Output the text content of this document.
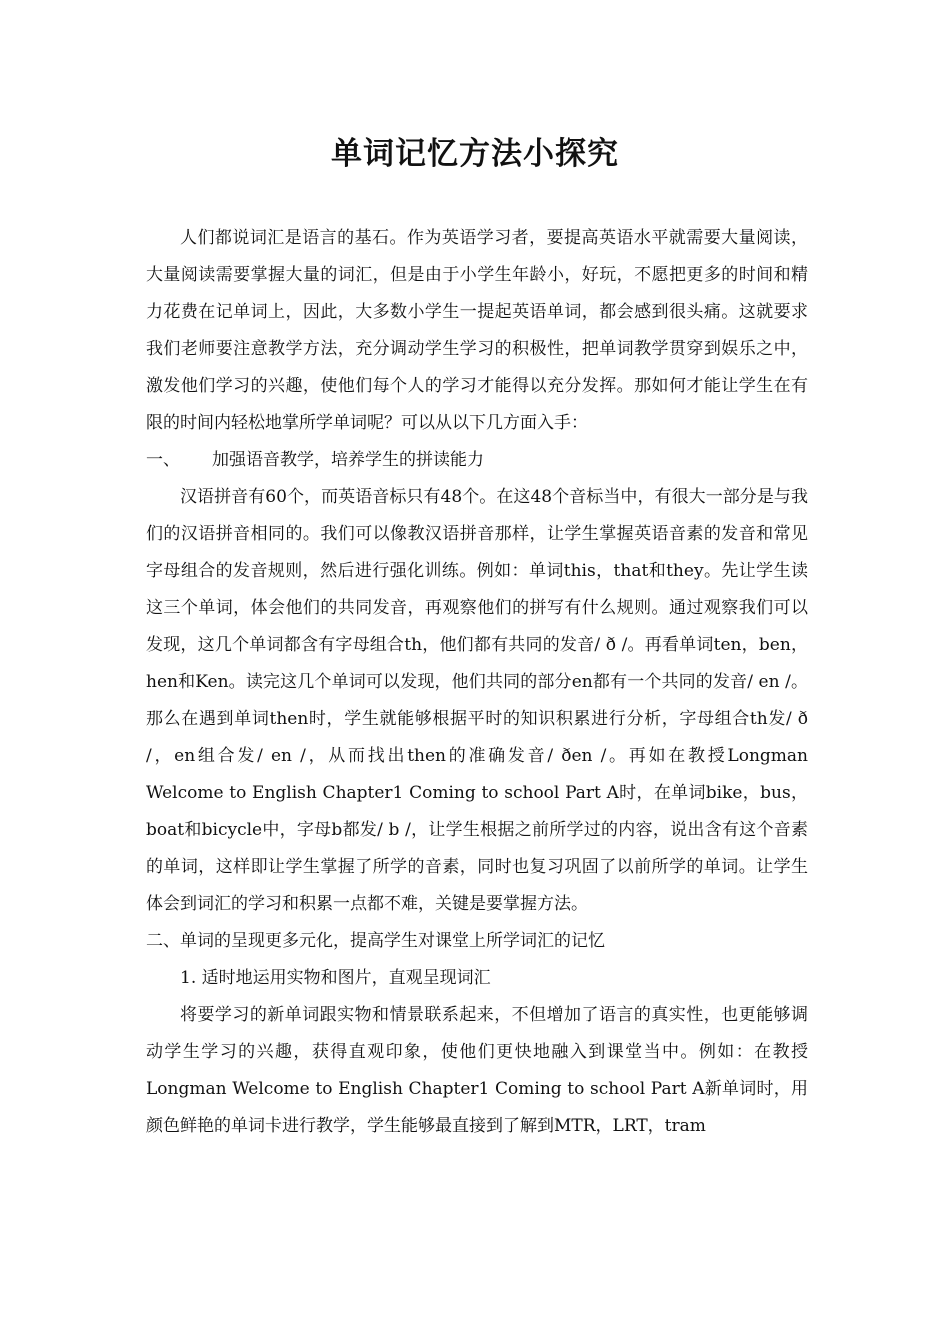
单词记忆方法小探究

人们都说词汇是语言的基石。作为英语学习者，要提高英语水平就需要大量阅读，大量阅读需要掌握大量的词汇，但是由于小学生年龄小，好玩，不愿把更多的时间和精力花费在记单词上，因此，大多数小学生一提起英语单词，都会感到很头痛。这就要求我们老师要注意教学方法，充分调动学生学习的积极性，把单词教学贯穿到娱乐之中，激发他们学习的兴趣，使他们每个人的学习才能得以充分发挥。那如何才能让学生在有限的时间内轻松地掌所学单词呢？可以从以下几方面入手：

一、 加强语音教学，培养学生的拼读能力

汉语拼音有60个，而英语音标只有48个。在这48个音标当中，有很大一部分是与我们的汉语拼音相同的。我们可以像教汉语拼音那样，让学生掌握英语音素的发音和常见字母组合的发音规则，然后进行强化训练。例如：单词this，that和they。先让学生读这三个单词，体会他们的共同发音，再观察他们的拼写有什么规则。通过观察我们可以发现，这几个单词都含有字母组合th，他们都有共同的发音/ ð /。再看单词ten，ben，hen和Ken。读完这几个单词可以发现，他们共同的部分en都有一个共同的发音/ en /。那么在遇到单词then时，学生就能够根据平时的知识积累进行分析，字母组合th发/ ð /，en组合发/ en /，从而找出then的准确发音/ ðen /。再如在教授Longman Welcome to English Chapter1 Coming to school Part A时，在单词bike，bus，boat和bicycle中，字母b都发/ b /，让学生根据之前所学过的内容，说出含有这个音素的单词，这样即让学生掌握了所学的音素，同时也复习巩固了以前所学的单词。让学生体会到词汇的学习和积累一点都不难，关键是要掌握方法。

二、单词的呈现更多元化，提高学生对课堂上所学词汇的记忆

1. 适时地运用实物和图片，直观呈现词汇

将要学习的新单词跟实物和情景联系起来，不但增加了语言的真实性，也更能够调动学生学习的兴趣，获得直观印象，使他们更快地融入到课堂当中。例如：在教授Longman Welcome to English Chapter1 Coming to school Part A新单词时，用颜色鲜艳的单词卡进行教学，学生能够最直接到了解到MTR，LRT，tram
